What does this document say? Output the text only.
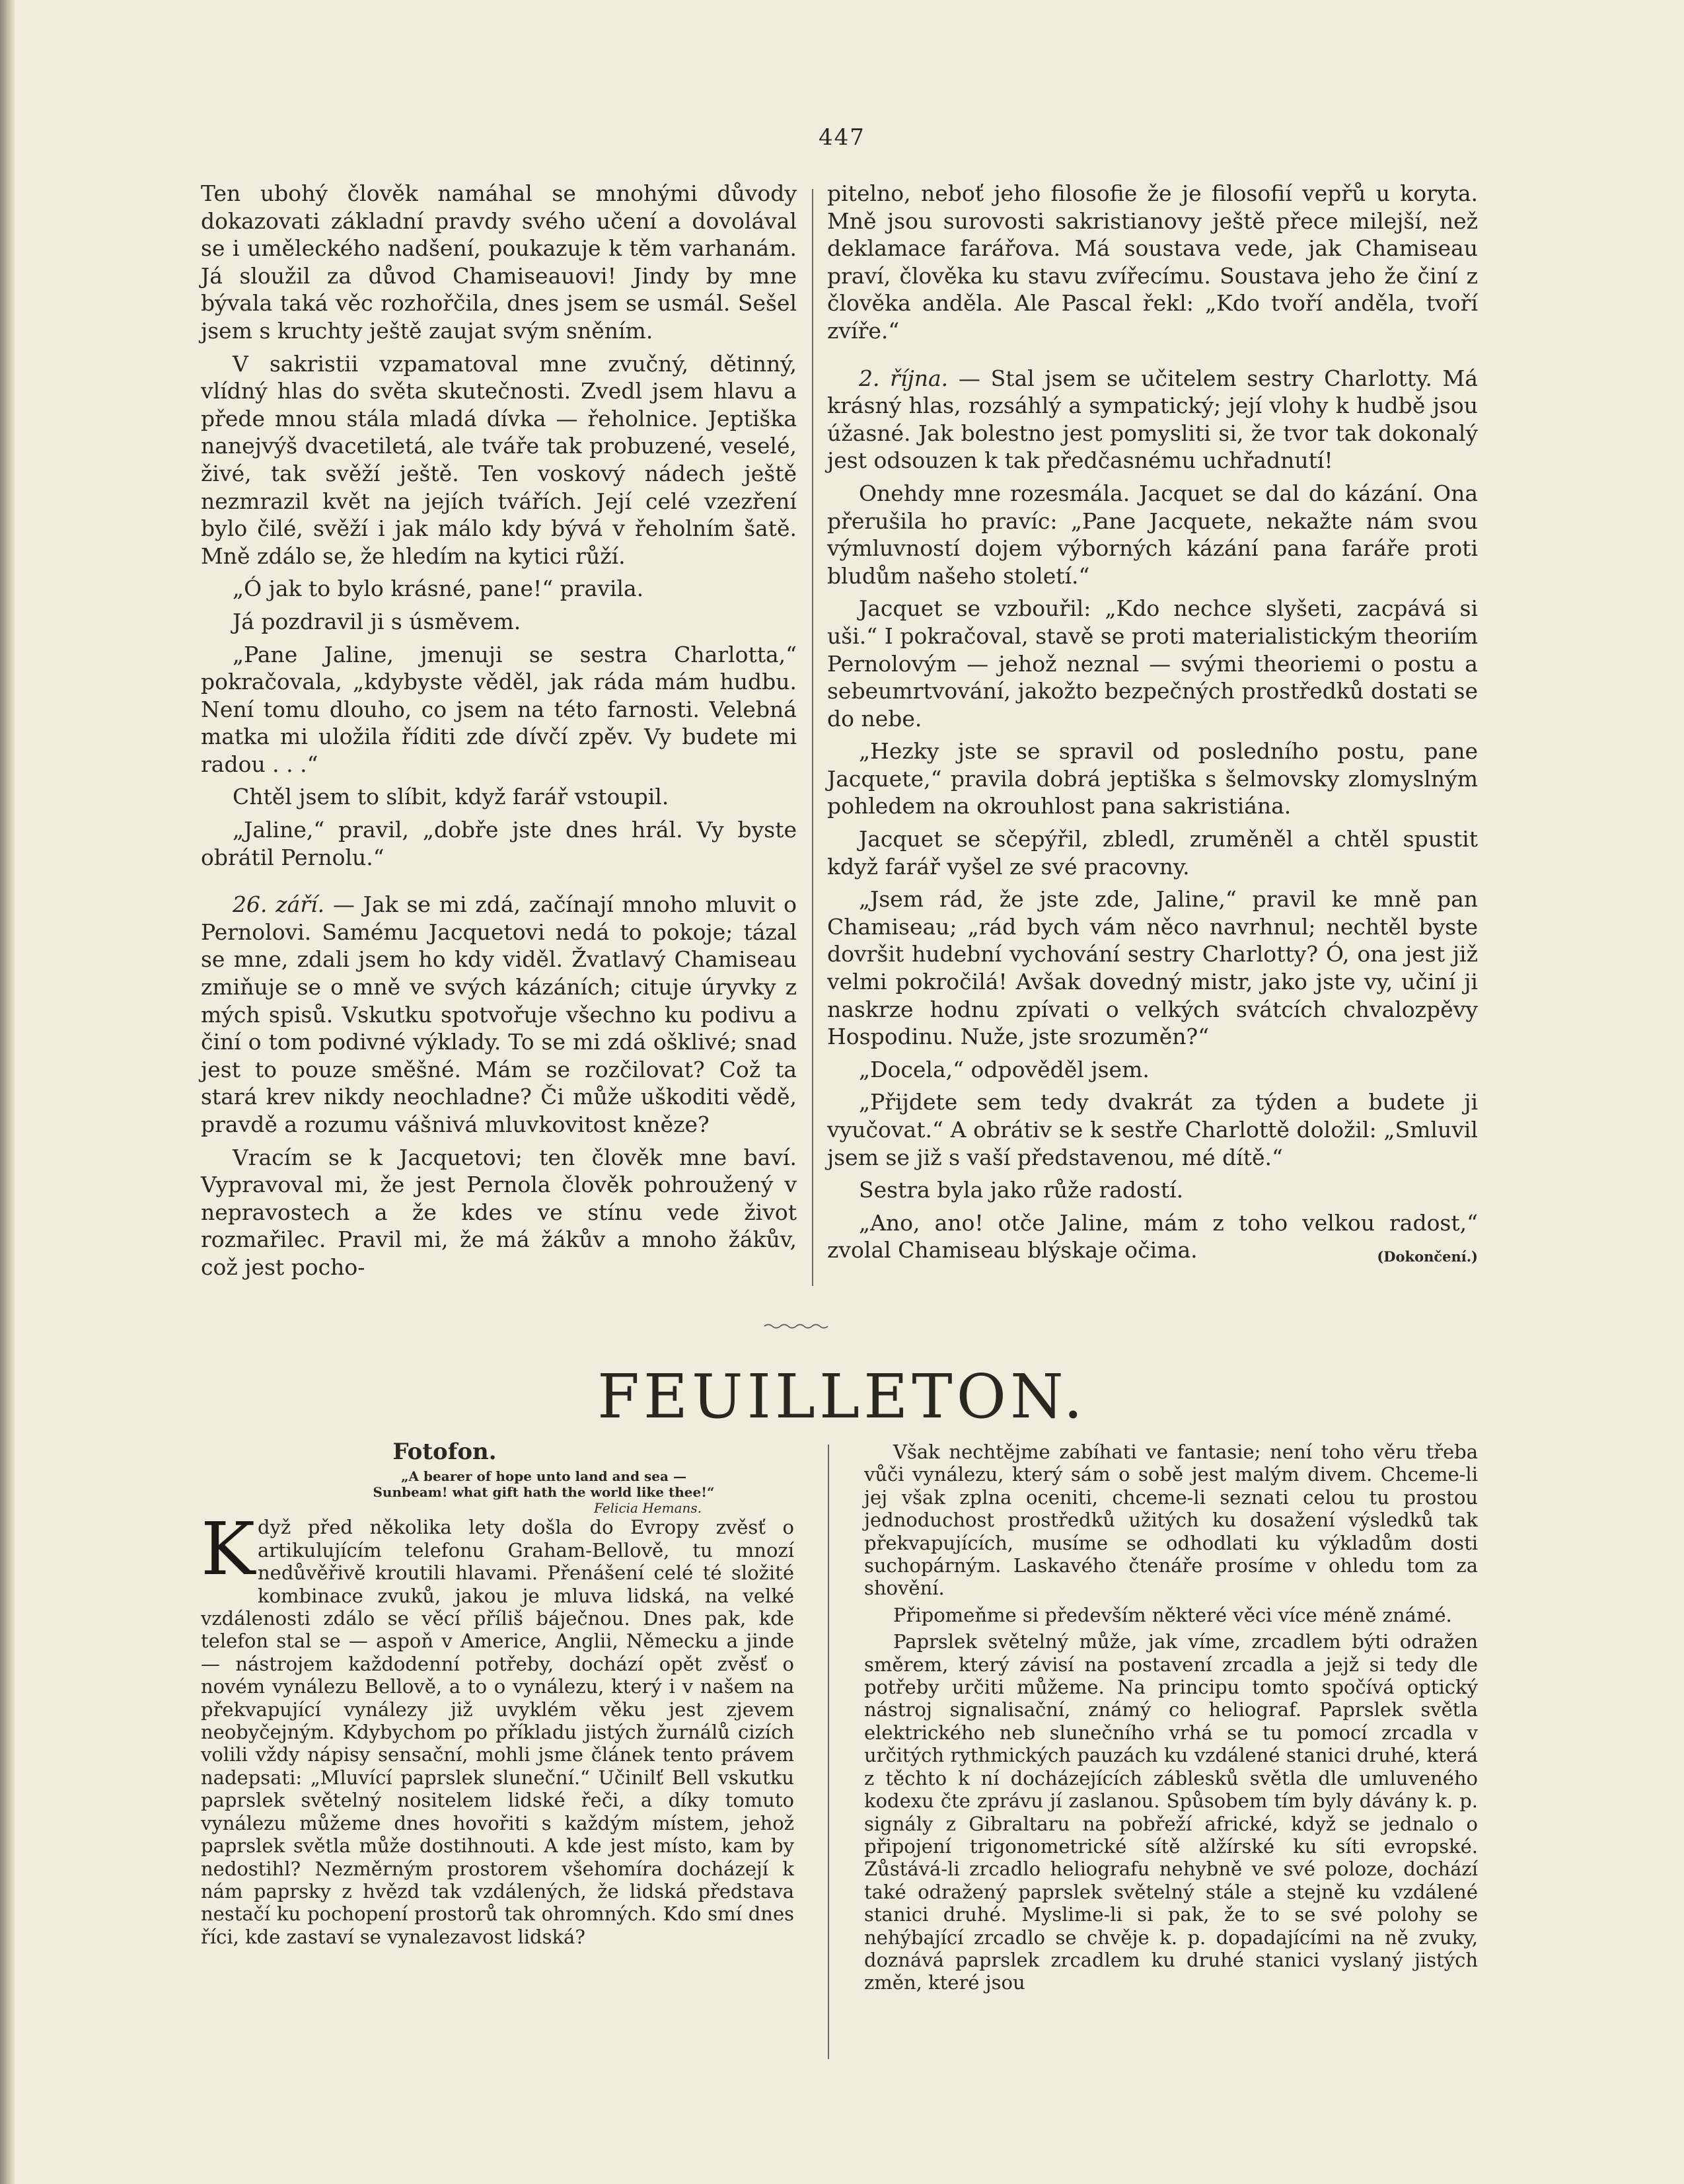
447

Ten ubohý člověk namáhal se mnohými důvody dokazovati základní pravdy svého učení a dovolával se i uměleckého nadšení, poukazuje k těm varhanám. Já sloužil za důvod Chamiseauovi! Jindy by mne bývala taká věc rozhořčila, dnes jsem se usmál. Sešel jsem s kruchty ještě zaujat svým sněním.

V sakristii vzpamatoval mne zvučný, dětinný, vlídný hlas do světa skutečnosti. Zvedl jsem hlavu a přede mnou stála mladá dívka — řeholnice. Jeptiška nanejvýš dvacetiletá, ale tváře tak probuzené, veselé, živé, tak svěží ještě. Ten voskový nádech ještě nezmrazil květ na jejích tvářích. Její celé vzezření bylo čilé, svěží i jak málo kdy bývá v řeholním šatě. Mně zdálo se, že hledím na kytici růží.

„Ó jak to bylo krásné, pane!“ pravila.

Já pozdravil ji s úsměvem.

„Pane Jaline, jmenuji se sestra Charlotta,“ pokračovala, „kdybyste věděl, jak ráda mám hudbu. Není tomu dlouho, co jsem na této farnosti. Velebná matka mi uložila říditi zde dívčí zpěv. Vy budete mi radou . . .“

Chtěl jsem to slíbit, když farář vstoupil.

„Jaline,“ pravil, „dobře jste dnes hrál. Vy byste obrátil Pernolu.“

26. září. — Jak se mi zdá, začínají mnoho mluvit o Pernolovi. Samému Jacquetovi nedá to pokoje; tázal se mne, zdali jsem ho kdy viděl. Žvatlavý Chamiseau zmiňuje se o mně ve svých kázáních; cituje úryvky z mých spisů. Vskutku spotvořuje všechno ku podivu a činí o tom podivné výklady. To se mi zdá ošklivé; snad jest to pouze směšné. Mám se rozčilovat? Což ta stará krev nikdy neochladne? Či může uškoditi vědě, pravdě a rozumu vášnivá mluvkovitost kněze?

Vracím se k Jacquetovi; ten člověk mne baví. Vypravoval mi, že jest Pernola člověk pohroužený v nepravostech a že kdes ve stínu vede život rozmařilec. Pravil mi, že má žákův a mnoho žákův, což jest pocho-

pitelno, neboť jeho filosofie že je filosofií vepřů u koryta. Mně jsou surovosti sakristianovy ještě přece milejší, než deklamace farářova. Má soustava vede, jak Chamiseau praví, člověka ku stavu zvířecímu. Soustava jeho že činí z člověka anděla. Ale Pascal řekl: „Kdo tvoří anděla, tvoří zvíře.“

2. října. — Stal jsem se učitelem sestry Charlotty. Má krásný hlas, rozsáhlý a sympatický; její vlohy k hudbě jsou úžasné. Jak bolestno jest pomysliti si, že tvor tak dokonalý jest odsouzen k tak předčasnému uchřadnutí!

Onehdy mne rozesmála. Jacquet se dal do kázání. Ona přerušila ho pravíc: „Pane Jacquete, nekažte nám svou výmluvností dojem výborných kázání pana faráře proti bludům našeho století.“

Jacquet se vzbouřil: „Kdo nechce slyšeti, zacpává si uši.“ I pokračoval, stavě se proti materialistickým theoriím Pernolovým — jehož neznal — svými theoriemi o postu a sebeumrtvování, jakožto bezpečných prostředků dostati se do nebe.

„Hezky jste se spravil od posledního postu, pane Jacquete,“ pravila dobrá jeptiška s šelmovsky zlomyslným pohledem na okrouhlost pana sakristiána.

Jacquet se sčepýřil, zbledl, zruměněl a chtěl spustit když farář vyšel ze své pracovny.

„Jsem rád, že jste zde, Jaline,“ pravil ke mně pan Chamiseau; „rád bych vám něco navrhnul; nechtěl byste dovršit hudební vychování sestry Charlotty? Ó, ona jest již velmi pokročilá! Avšak dovedný mistr, jako jste vy, učiní ji naskrze hodnu zpívati o velkých svátcích chvalozpěvy Hospodinu. Nuže, jste srozuměn?“

„Docela,“ odpověděl jsem.

„Přijdete sem tedy dvakrát za týden a budete ji vyučovat.“ A obrátiv se k sestře Charlottě doložil: „Smluvil jsem se již s vaší představenou, mé dítě.“

Sestra byla jako růže radostí.

„Ano, ano! otče Jaline, mám z toho velkou radost,“ zvolal Chamiseau blýskaje očima.	(Dokončení.)

FEUILLETON.
Fotofon.
„A bearer of hope unto land and sea —
Sunbeam! what gift hath the world like thee!“
Felicia Hemans.

Když před několika lety došla do Evropy zvěsť o artikulujícím telefonu Graham-Bellově, tu mnozí nedůvěřivě kroutili hlavami. Přenášení celé té složité kombinace zvuků, jakou je mluva lidská, na velké vzdálenosti zdálo se věcí příliš báječnou. Dnes pak, kde telefon stal se — aspoň v Americe, Anglii, Německu a jinde — nástrojem každodenní potřeby, dochází opět zvěsť o novém vynálezu Bellově, a to o vynálezu, který i v našem na překvapující vynálezy již uvyklém věku jest zjevem neobyčejným. Kdybychom po příkladu jistých žurnálů cizích volili vždy nápisy sensační, mohli jsme článek tento právem nadepsati: „Mluvící paprslek sluneční.“ Učinilť Bell vskutku paprslek světelný nositelem lidské řeči, a díky tomuto vynálezu můžeme dnes hovořiti s každým místem, jehož paprslek světla může dostihnouti. A kde jest místo, kam by nedostihl? Nezměrným prostorem všehomíra docházejí k nám paprsky z hvězd tak vzdálených, že lidská představa nestačí ku pochopení prostorů tak ohromných. Kdo smí dnes říci, kde zastaví se vynalezavost lidská?

Však nechtějme zabíhati ve fantasie; není toho věru třeba vůči vynálezu, který sám o sobě jest malým divem. Chceme-li jej však zplna oceniti, chceme-li seznati celou tu prostou jednoduchost prostředků užitých ku dosažení výsledků tak překvapujících, musíme se odhodlati ku výkladům dosti suchopárným. Laskavého čtenáře prosíme v ohledu tom za shovění.

Připomeňme si především některé věci více méně známé.

Paprslek světelný může, jak víme, zrcadlem býti odražen směrem, který závisí na postavení zrcadla a jejž si tedy dle potřeby určiti můžeme. Na principu tomto spočívá optický nástroj signalisační, známý co heliograf. Paprslek světla elektrického neb slunečního vrhá se tu pomocí zrcadla v určitých rythmických pauzách ku vzdálené stanici druhé, která z těchto k ní docházejících záblesků světla dle umluveného kodexu čte zprávu jí zaslanou. Spůsobem tím byly dávány k. p. signály z Gibraltaru na pobřeží africké, když se jednalo o připojení trigonometrické sítě alžírské ku síti evropské. Zůstává-li zrcadlo heliografu nehybně ve své poloze, dochází také odražený paprslek světelný stále a stejně ku vzdálené stanici druhé. Myslime-li si pak, že to se své polohy se nehýbající zrcadlo se chvěje k. p. dopadajícími na ně zvuky, doznává paprslek zrcadlem ku druhé stanici vyslaný jistých změn, které jsou
